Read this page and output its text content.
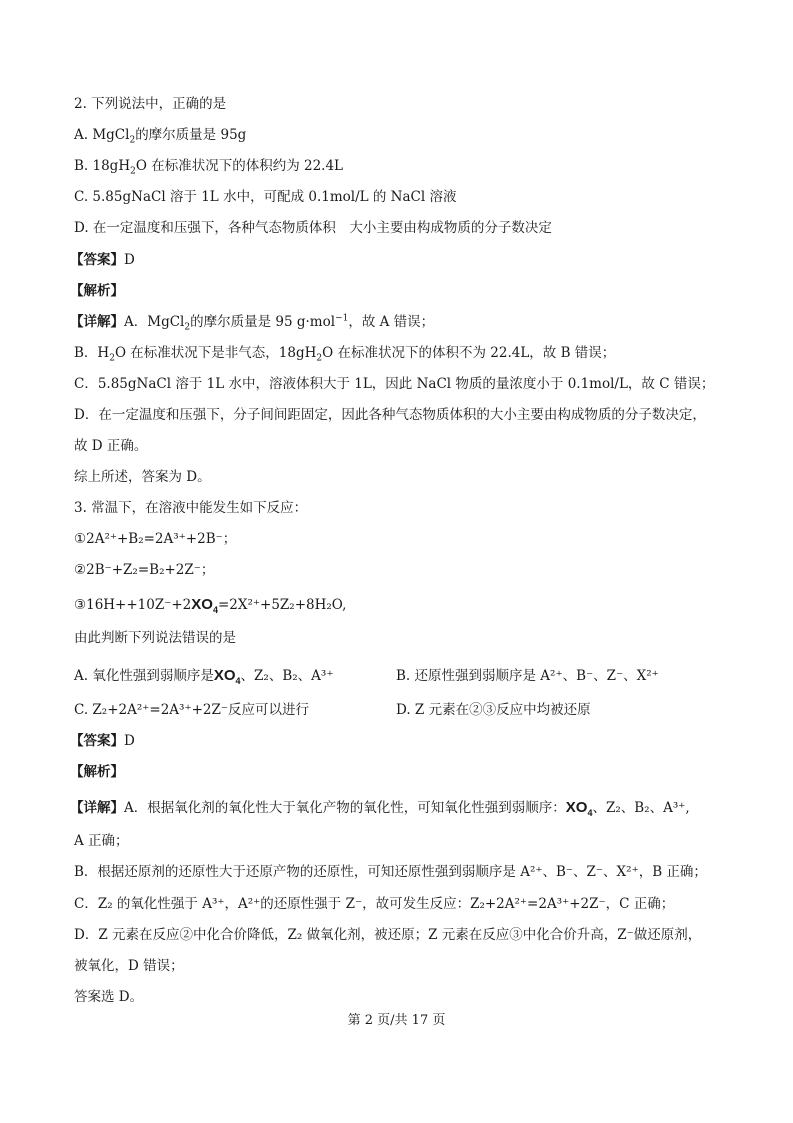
2. 下列说法中，正确的是
A. MgCl$_2$的摩尔质量是 95g
B. $18gH_2O$ 在标准状况下的体积约为 22.4L
C. 5.85gNaCl 溶于 1L 水中，可配成 0.1mol/L 的 NaCl 溶液
D. 在一定温度和压强下，各种气态物质体积　大小主要由构成物质的分子数决定
【答案】D
【解析】
【详解】A．MgCl$_2$的摩尔质量是 95 g·mol$^{-1}$，故 A 错误；
B．$H_2O$ 在标准状况下是非气态，$18gH_2O$ 在标准状况下的体积不为 22.4L，故 B 错误；
C．5.85gNaCl 溶于 1L 水中，溶液体积大于 1L，因此 NaCl 物质的量浓度小于 0.1mol/L，故 C 错误；
D．在一定温度和压强下，分子间间距固定，因此各种气态物质体积的大小主要由构成物质的分子数决定，
故 D 正确。
综上所述，答案为 D。
3. 常温下，在溶液中能发生如下反应：
①2A²⁺+B₂=2A³⁺+2B⁻；
②2B⁻+Z₂=B₂+2Z⁻；
$③16H++10Z^-+2XO_4=2X^{2+}+5Z_2+8H_2O$,
由此判断下列说法错误的是
A. 氧化性强到弱顺序是$XO_4$、Z₂、B₂、A³⁺	B. 还原性强到弱顺序是 A²⁺、B⁻、Z⁻、X²⁺
C. Z₂+2A²⁺=2A³⁺+2Z⁻反应可以进行	D. Z 元素在②③反应中均被还原
【答案】D
【解析】
【详解】A．根据氧化剂的氧化性大于氧化产物的氧化性，可知氧化性强到弱顺序：$XO_4$、Z₂、B₂、A³⁺,
A 正确；
B．根据还原剂的还原性大于还原产物的还原性，可知还原性强到弱顺序是 A²⁺、B⁻、Z⁻、X²⁺，B 正确；
C．Z₂ 的氧化性强于 A³⁺，A²⁺的还原性强于 Z⁻，故可发生反应：Z₂+2A²⁺=2A³⁺+2Z⁻，C 正确；
D．Z 元素在反应②中化合价降低，Z₂ 做氧化剂，被还原；Z 元素在反应③中化合价升高，Z⁻做还原剂，
被氧化，D 错误；
答案选 D。
第 2 页/共 17 页
